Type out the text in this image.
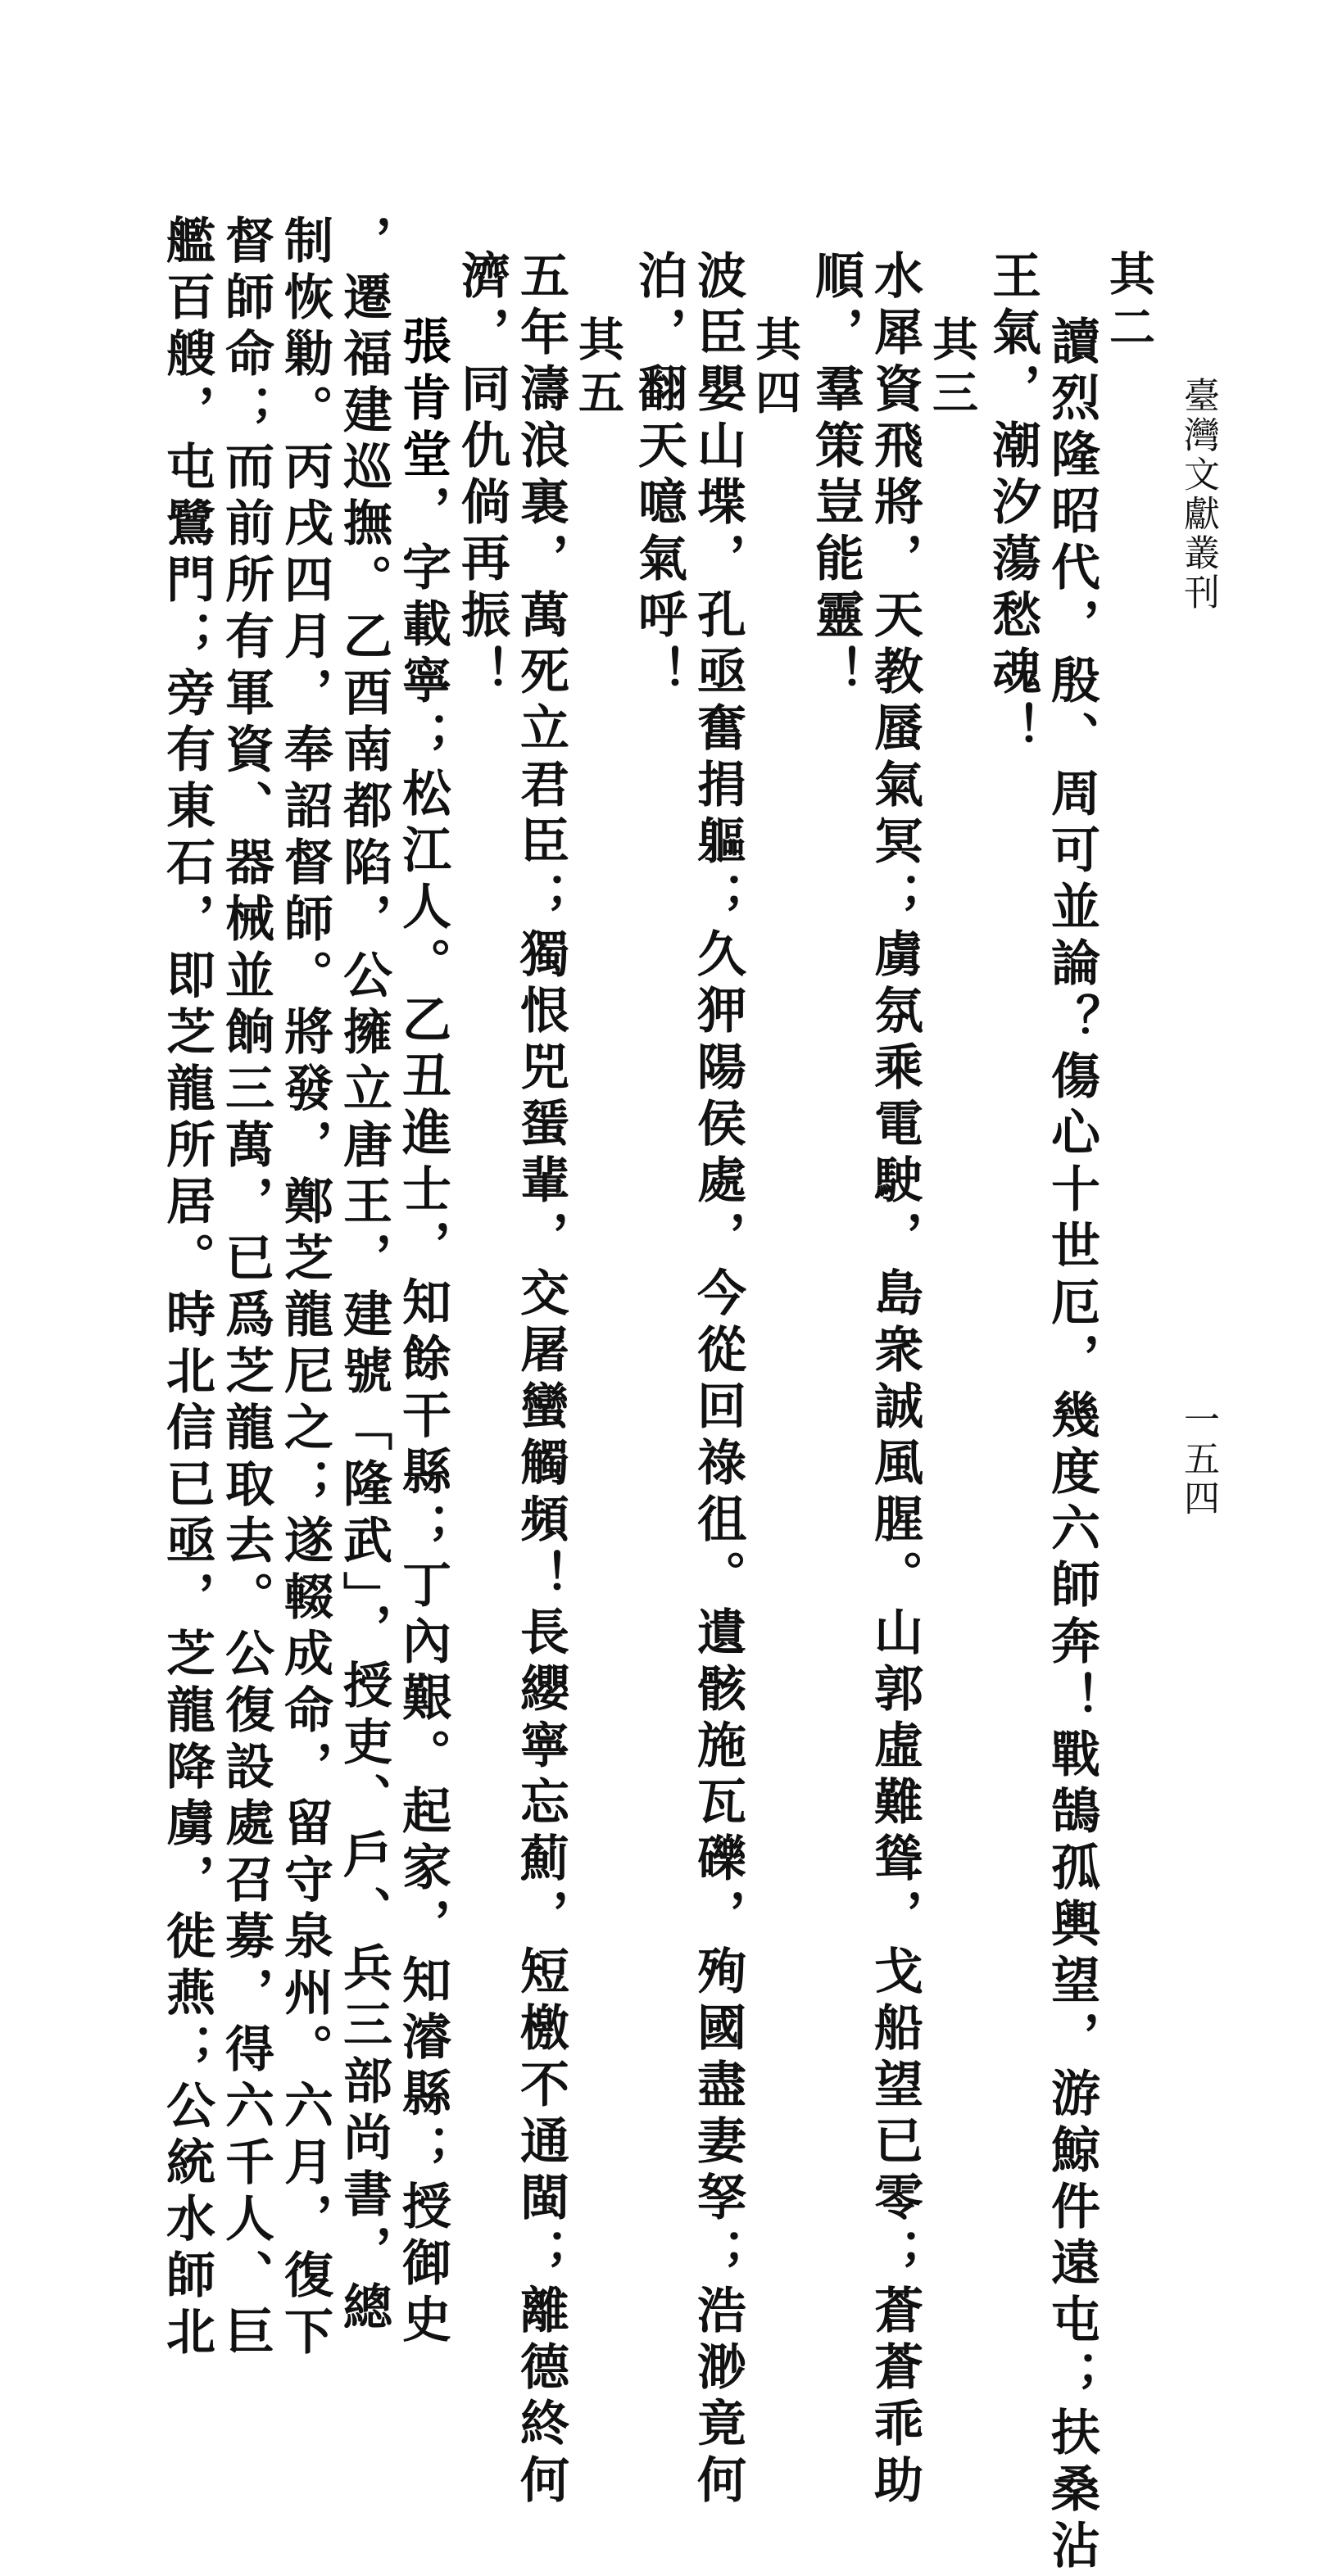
臺灣文獻叢刊
一五四
其二
讀烈隆昭代，殷、周可並論？傷心十世厄，幾度六師奔！戰鵠孤輿望，游鯨件遠屯；扶桑沾
王氣，潮汐蕩愁魂！
其三
水犀資飛將，天教蜃氣冥；虜氛乘電駛，島衆誠風腥。山郭虛難聳，戈船望已零；蒼蒼乖助
順，羣策豈能靈！
其四
波臣嬰山堞，孔亟奮捐軀；久狎陽侯處，今從回祿徂。遺骸施瓦礫，殉國盡妻孥；浩渺竟何
泊，翻天噫氣呼！
其五
五年濤浪裏，萬死立君臣；獨恨兕蜑輩，交屠蠻觸頻！長纓寧忘薊，短檄不通閩；離德終何
濟，同仇倘再振！
張肯堂，字載寧；松江人。乙丑進士，知餘干縣；丁內艱。起家，知濬縣；授御史
，遷福建巡撫。乙酉南都陷，公擁立唐王，建號「隆武」，授吏、戶、兵三部尚書，總
制恢勦。丙戌四月，奉詔督師。將發，鄭芝龍尼之；遂輟成命，留守泉州。六月，復下
督師命；而前所有軍資、器械並餉三萬，已爲芝龍取去。公復設處召募，得六千人、巨
艦百艘，屯鷺門；旁有東石，即芝龍所居。時北信已亟，芝龍降虜，徙燕；公統水師北
